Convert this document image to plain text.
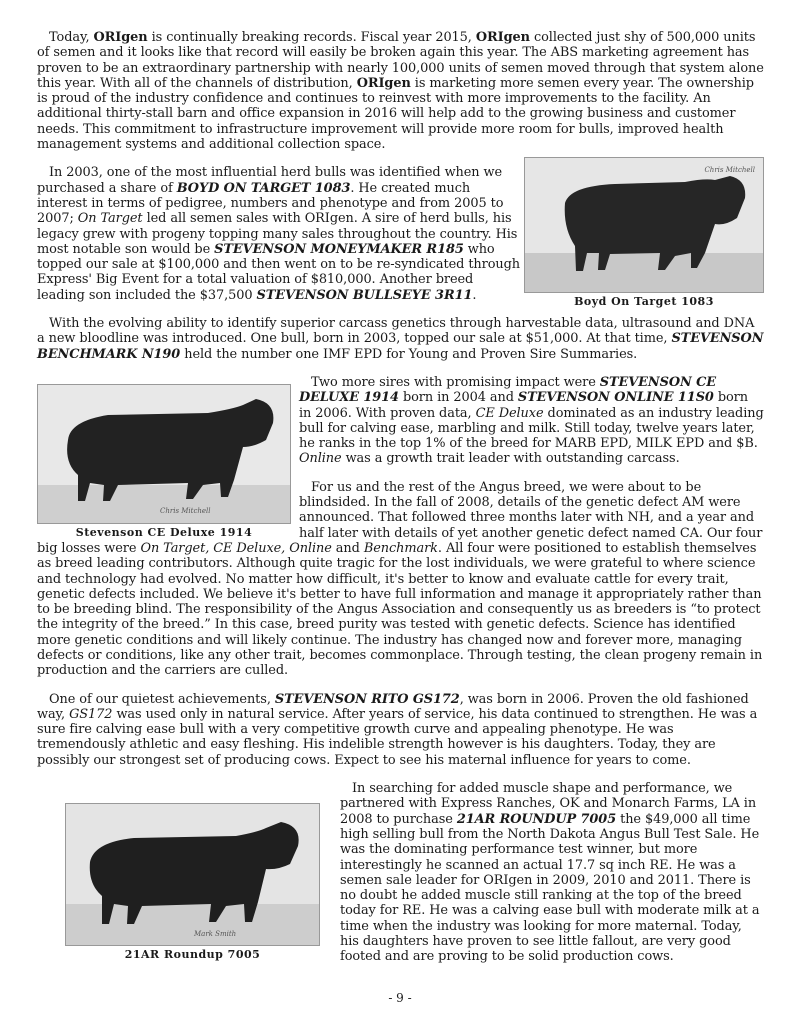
Chris Mitchell
Boyd On Target 1083
Chris Mitchell
Stevenson CE Deluxe 1914
Mark Smith
21AR Roundup 7005

Today, ORIgen is continually breaking records. Fiscal year 2015, ORIgen collected just shy of 500,000 units of semen and it looks like that record will easily be broken again this year. The ABS marketing agreement has proven to be an extraordinary partnership with nearly 100,000 units of semen moved through that system alone this year. With all of the channels of distribution, ORIgen is marketing more semen every year. The ownership is proud of the industry confidence and continues to reinvest with more improvements to the facility. An additional thirty-stall barn and office expansion in 2016 will help add to the growing business and customer needs. This commitment to infrastructure improvement will provide more room for bulls, improved health management systems and additional collection space.

In 2003, one of the most influential herd bulls was identified when we purchased a share of BOYD ON TARGET 1083. He created much interest in terms of pedigree, numbers and phenotype and from 2005 to 2007; On Target led all semen sales with ORIgen. A sire of herd bulls, his legacy grew with progeny topping many sales throughout the country. His most notable son would be STEVENSON MONEYMAKER R185 who topped our sale at $100,000 and then went on to be re-syndicated through Express' Big Event for a total valuation of $810,000. Another breed leading son included the $37,500 STEVENSON BULLSEYE 3R11.

With the evolving ability to identify superior carcass genetics through harvestable data, ultrasound and DNA a new bloodline was introduced. One bull, born in 2003, topped our sale at $51,000. At that time, STEVENSON BENCHMARK N190 held the number one IMF EPD for Young and Proven Sire Summaries.

Two more sires with promising impact were STEVENSON CE DELUXE 1914 born in 2004 and STEVENSON ONLINE 11S0 born in 2006. With proven data, CE Deluxe dominated as an industry leading bull for calving ease, marbling and milk. Still today, twelve years later, he ranks in the top 1% of the breed for MARB EPD, MILK EPD and $B. Online was a growth trait leader with outstanding carcass.

For us and the rest of the Angus breed, we were about to be blindsided. In the fall of 2008, details of the genetic defect AM were announced. That followed three months later with NH, and a year and half later with details of yet another genetic defect named CA. Our four big losses were On Target, CE Deluxe, Online and Benchmark. All four were positioned to establish themselves as breed leading contributors. Although quite tragic for the lost individuals, we were grateful to where science and technology had evolved. No matter how difficult, it's better to know and evaluate cattle for every trait, genetic defects included. We believe it's better to have full information and manage it appropriately rather than to be breeding blind. The responsibility of the Angus Association and consequently us as breeders is “to protect the integrity of the breed.” In this case, breed purity was tested with genetic defects. Science has identified more genetic conditions and will likely continue. The industry has changed now and forever more, managing defects or conditions, like any other trait, becomes commonplace. Through testing, the clean progeny remain in production and the carriers are culled.

One of our quietest achievements, STEVENSON RITO GS172, was born in 2006. Proven the old fashioned way, GS172 was used only in natural service. After years of service, his data continued to strengthen. He was a sure fire calving ease bull with a very competitive growth curve and appealing phenotype. He was tremendously athletic and easy fleshing. His indelible strength however is his daughters. Today, they are possibly our strongest set of producing cows. Expect to see his maternal influence for years to come.

In searching for added muscle shape and performance, we partnered with Express Ranches, OK and Monarch Farms, LA in 2008 to purchase 21AR ROUNDUP 7005 the $49,000 all time high selling bull from the North Dakota Angus Bull Test Sale. He was the dominating performance test winner, but more interestingly he scanned an actual 17.7 sq inch RE. He was a semen sale leader for ORIgen in 2009, 2010 and 2011. There is no doubt he added muscle still ranking at the top of the breed today for RE. He was a calving ease bull with moderate milk at a time when the industry was looking for more maternal. Today, his daughters have proven to see little fallout, are very good footed and are proving to be solid production cows.

- 9 -
